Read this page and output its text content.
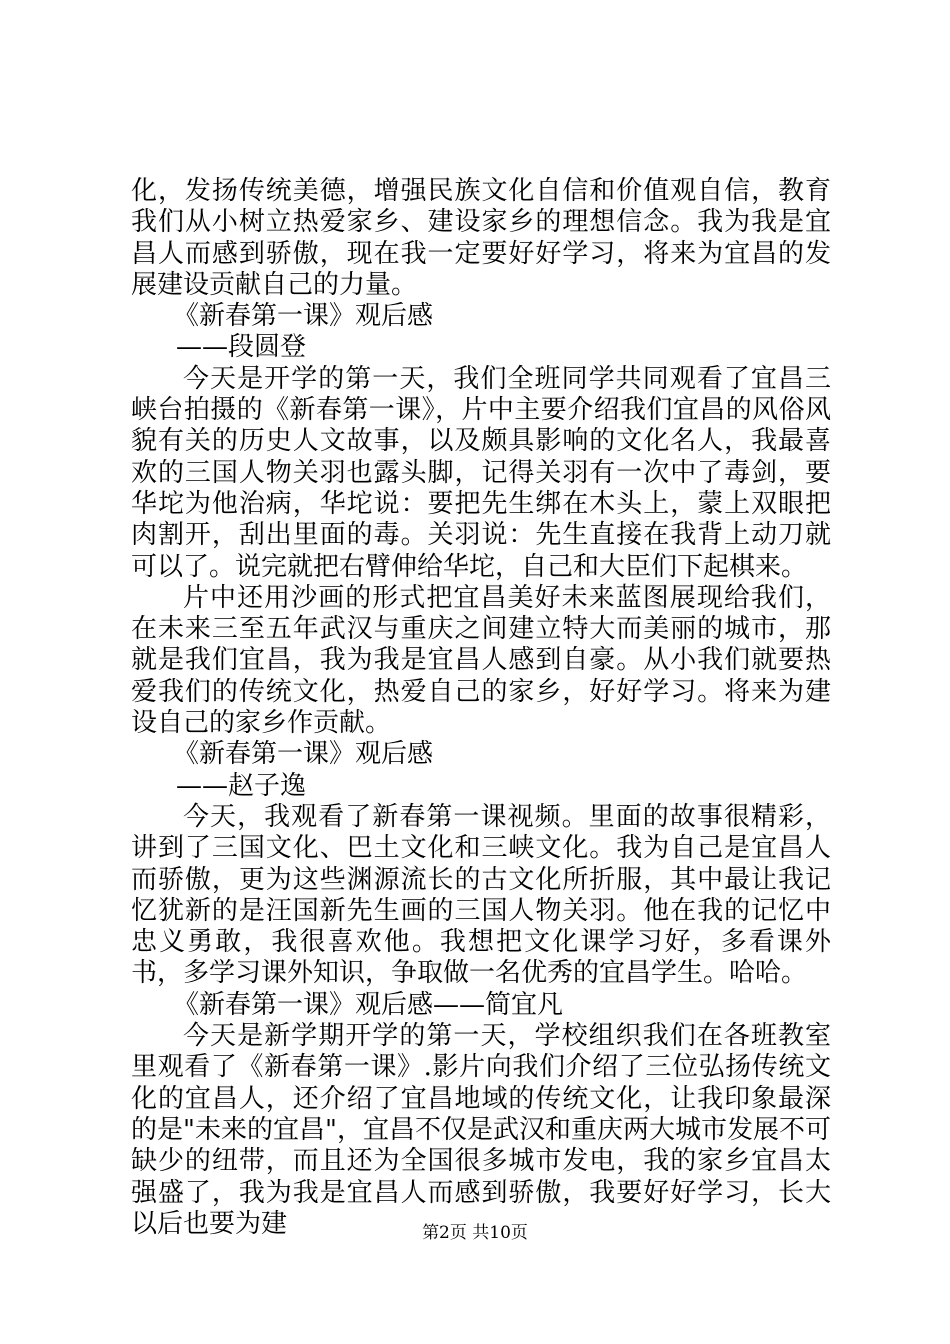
化，发扬传统美德，增强民族文化自信和价值观自信，教育我们从小树立热爱家乡、建设家乡的理想信念。我为我是宜昌人而感到骄傲，现在我一定要好好学习，将来为宜昌的发展建设贡献自己的力量。

《新春第一课》观后感

——段圆登

今天是开学的第一天，我们全班同学共同观看了宜昌三峡台拍摄的《新春第一课》，片中主要介绍我们宜昌的风俗风貌有关的历史人文故事，以及颇具影响的文化名人，我最喜欢的三国人物关羽也露头脚，记得关羽有一次中了毒剑，要华坨为他治病，华坨说：要把先生绑在木头上，蒙上双眼把肉割开，刮出里面的毒。关羽说：先生直接在我背上动刀就可以了。说完就把右臂伸给华坨，自己和大臣们下起棋来。

片中还用沙画的形式把宜昌美好未来蓝图展现给我们，在未来三至五年武汉与重庆之间建立特大而美丽的城市，那就是我们宜昌，我为我是宜昌人感到自豪。从小我们就要热爱我们的传统文化，热爱自己的家乡，好好学习。将来为建设自己的家乡作贡献。

《新春第一课》观后感

——赵子逸

今天，我观看了新春第一课视频。里面的故事很精彩，讲到了三国文化、巴土文化和三峡文化。我为自己是宜昌人而骄傲，更为这些渊源流长的古文化所折服，其中最让我记忆犹新的是汪国新先生画的三国人物关羽。他在我的记忆中忠义勇敢，我很喜欢他。我想把文化课学习好，多看课外书，多学习课外知识，争取做一名优秀的宜昌学生。哈哈。

《新春第一课》观后感——简宜凡

今天是新学期开学的第一天，学校组织我们在各班教室里观看了《新春第一课》.影片向我们介绍了三位弘扬传统文化的宜昌人，还介绍了宜昌地域的传统文化，让我印象最深的是"未来的宜昌"，宜昌不仅是武汉和重庆两大城市发展不可缺少的纽带，而且还为全国很多城市发电，我的家乡宜昌太强盛了，我为我是宜昌人而感到骄傲，我要好好学习，长大以后也要为建	第2页 共10页
